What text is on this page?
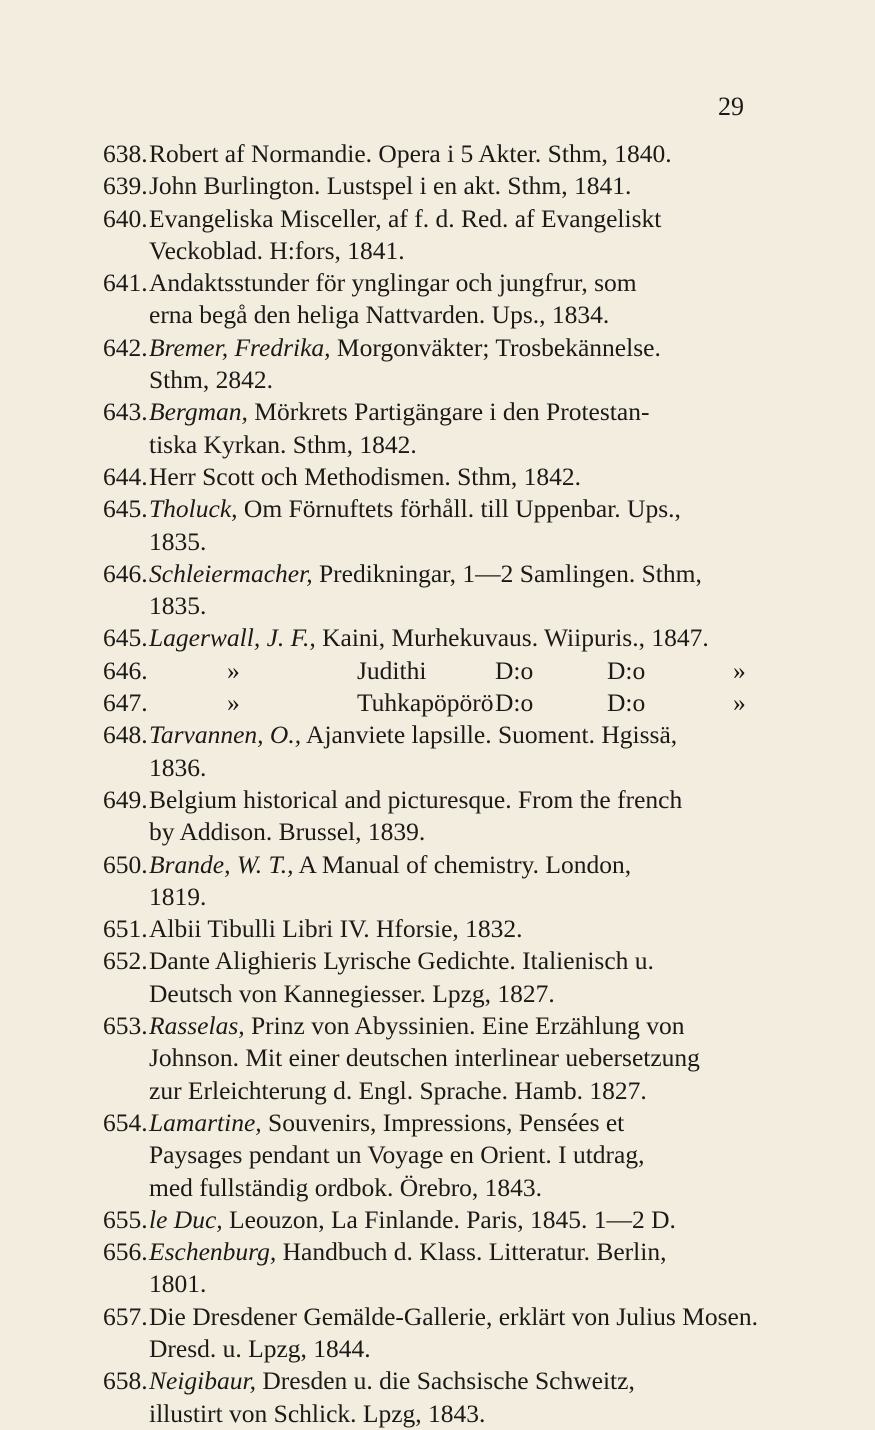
29
638. Robert af Normandie. Opera i 5 Akter. Sthm, 1840.
639. John Burlington. Lustspel i en akt. Sthm, 1841.
640. Evangeliska Misceller, af f. d. Red. af Evangeliskt
Veckoblad. H:fors, 1841.
641. Andaktsstunder för ynglingar och jungfrur, som
erna begå den heliga Nattvarden. Ups., 1834.
642. Bremer, Fredrika, Morgonväkter; Trosbekännelse.
Sthm, 2842.
643. Bergman, Mörkrets Partigängare i den Protestan-
tiska Kyrkan. Sthm, 1842.
644. Herr Scott och Methodismen. Sthm, 1842.
645. Tholuck, Om Förnuftets förhåll. till Uppenbar. Ups.,
1835.
646. Schleiermacher, Predikningar, 1—2 Samlingen. Sthm,
1835.
645. Lagerwall, J. F., Kaini, Murhekuvaus. Wiipuris., 1847.
646.	»	Judithi	D:o	D:o	»
647.	»	Tuhkapöpörö D:o	D:o	»
648. Tarvannen, O., Ajanviete lapsille. Suoment. Hgissä,
1836.
649. Belgium historical and picturesque. From the french
by Addison. Brussel, 1839.
650. Brande, W. T., A Manual of chemistry. London,
1819.
651. Albii Tibulli Libri IV. Hforsie, 1832.
652. Dante Alighieris Lyrische Gedichte. Italienisch u.
Deutsch von Kannegiesser. Lpzg, 1827.
653. Rasselas, Prinz von Abyssinien. Eine Erzählung von
Johnson. Mit einer deutschen interlinear uebersetzung
zur Erleichterung d. Engl. Sprache. Hamb. 1827.
654. Lamartine, Souvenirs, Impressions, Pensées et
Paysages pendant un Voyage en Orient. I utdrag,
med fullständig ordbok. Örebro, 1843.
655. le Duc, Leouzon, La Finlande. Paris, 1845. 1—2 D.
656. Eschenburg, Handbuch d. Klass. Litteratur. Berlin,
1801.
657. Die Dresdener Gemälde-Gallerie, erklärt von Julius Mosen.
Dresd. u. Lpzg, 1844.
658. Neigibaur, Dresden u. die Sachsische Schweitz,
illustirt von Schlick. Lpzg, 1843.
